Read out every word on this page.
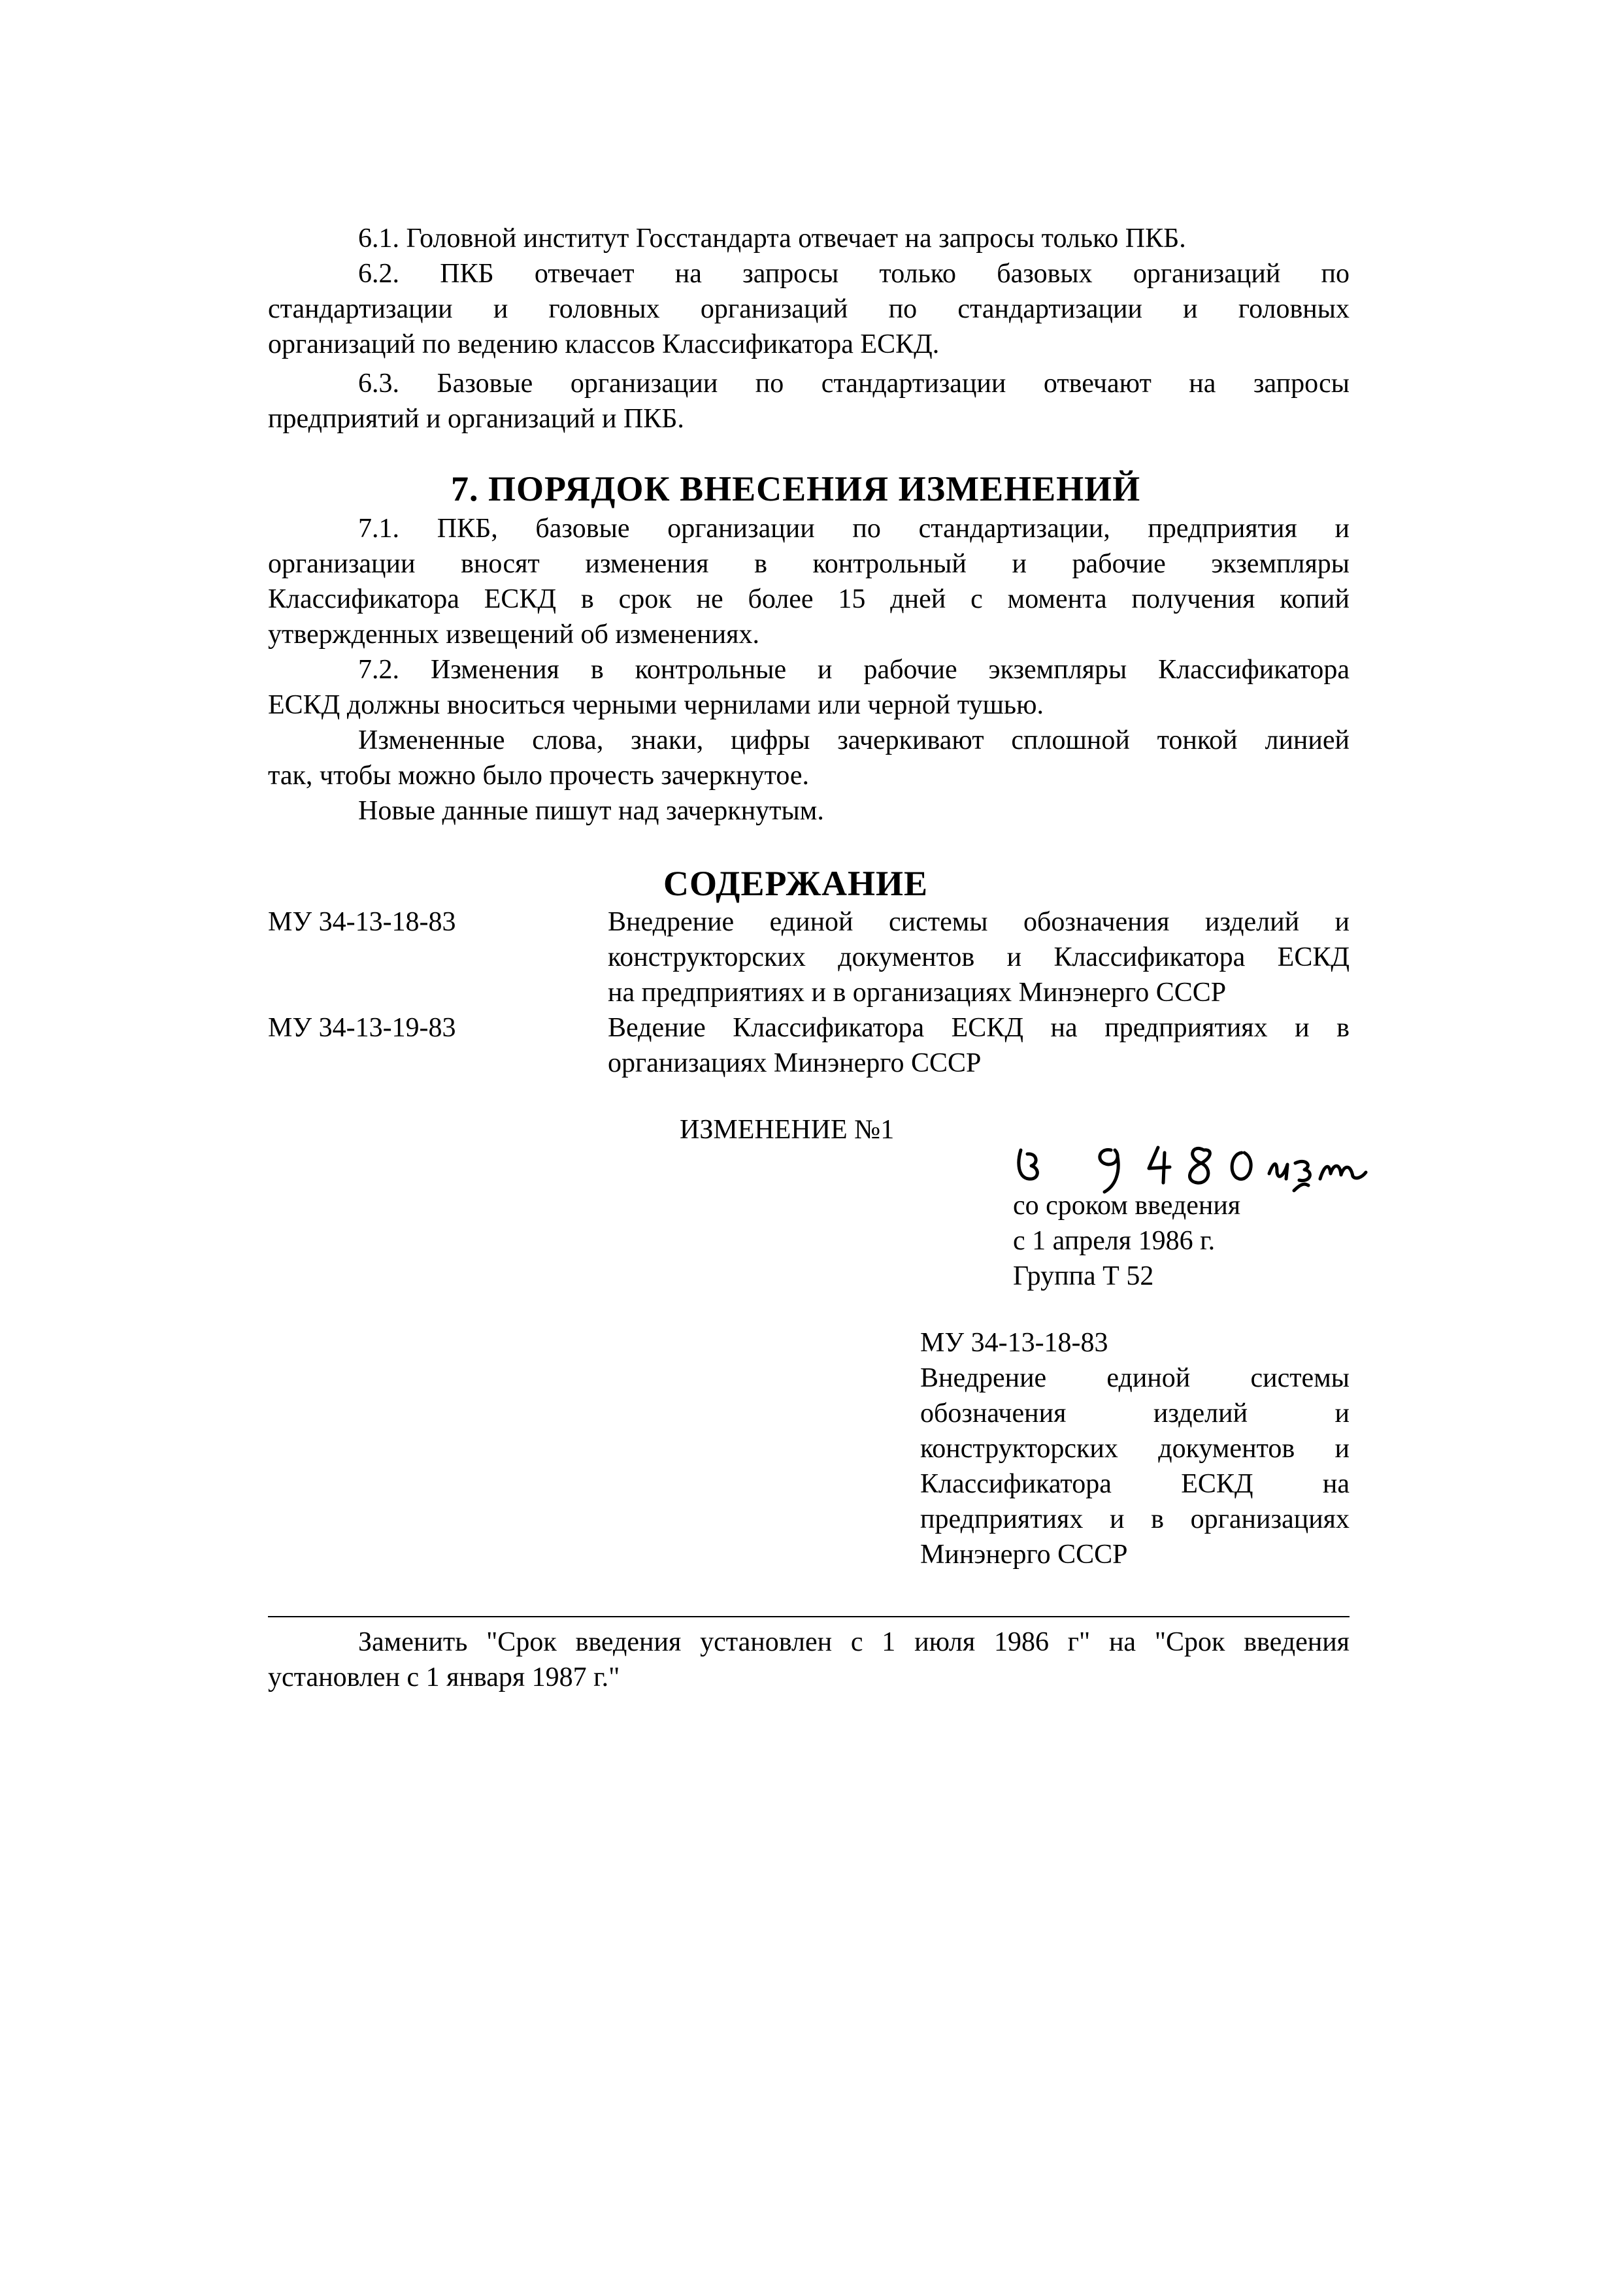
6.1. Головной институт Госстандарта отвечает на запросы только ПКБ.
6.2. ПКБ отвечает на запросы только базовых организаций по
стандартизации и головных организаций по стандартизации и головных
организаций по ведению классов Классификатора ЕСКД.
6.3. Базовые организации по стандартизации отвечают на запросы
предприятий и организаций и ПКБ.
7. ПОРЯДОК ВНЕСЕНИЯ ИЗМЕНЕНИЙ
7.1. ПКБ, базовые организации по стандартизации, предприятия и
организации вносят изменения в контрольный и рабочие экземпляры
Классификатора ЕСКД в срок не более 15 дней с момента получения копий
утвержденных извещений об изменениях.
7.2. Изменения в контрольные и рабочие экземпляры Классификатора
ЕСКД должны вноситься черными чернилами или черной тушью.
Измененные слова, знаки, цифры зачеркивают сплошной тонкой линией
так, чтобы можно было прочесть зачеркнутое.
Новые данные пишут над зачеркнутым.
СОДЕРЖАНИЕ
МУ 34-13-18-83	Внедрение единой системы обозначения изделий и
конструкторских документов и Классификатора ЕСКД
на предприятиях и в организациях Минэнерго СССР
МУ 34-13-19-83	Ведение Классификатора ЕСКД на предприятиях и в
организациях Минэнерго СССР
ИЗМЕНЕНИЕ №1
со сроком введения
с 1 апреля 1986 г.
Группа Т 52
МУ 34-13-18-83
Внедрение единой системы
обозначения изделий и
конструкторских документов и
Классификатора ЕСКД на
предприятиях и в организациях
Минэнерго СССР
Заменить "Срок введения установлен с 1 июля 1986 г" на "Срок введения
установлен с 1 января 1987 г."
